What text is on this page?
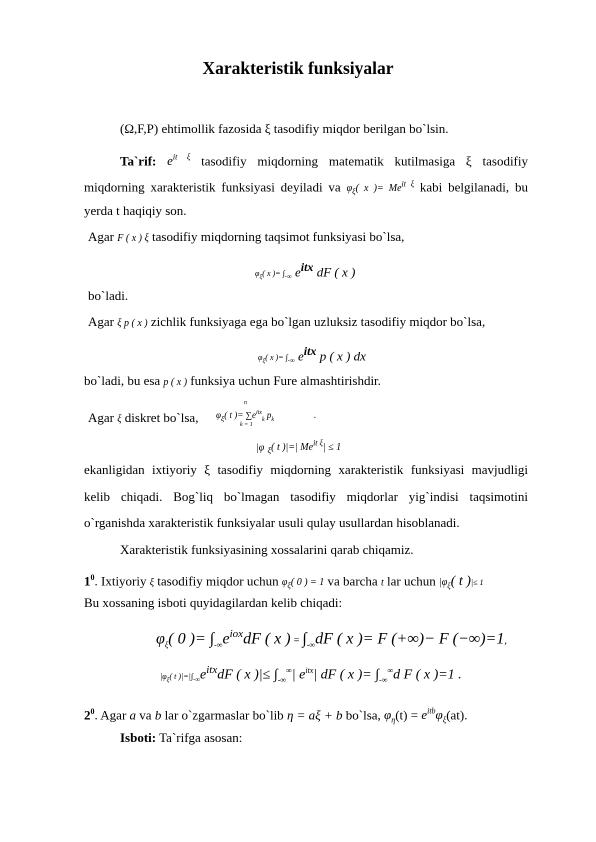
Xarakteristik funksiyalar
(Ω,F,P) ehtimollik fazosida ξ tasodifiy miqdor berilgan bo`lsin.
Ta`rif: $e^{it \xi}$ tasodifiy miqdorning matematik kutilmasiga ξ tasodifiy
miqdorning xarakteristik funksiyasi deyiladi va $\varphi_\xi$( x )= $Me^{it \xi}$ kabi belgilanadi, bu
yerda t haqiqiy son.
Agar F ( x ) ξ tasodifiy miqdorning taqsimot funksiyasi bo`lsa,
$\varphi_\xi$( x )= $\int_{-\infty}$ $e^{itx}$ dF ( x )
bo`ladi.
Agar ξ p ( x ) zichlik funksiyaga ega bo`lgan uzluksiz tasodifiy miqdor bo`lsa,
$\varphi_\xi$( x )= $\int_{-\infty}$ $e^{itx}$ p ( x ) dx
bo`ladi, bu esa p ( x ) funksiya uchun Fure almashtirishdir.
Agar ξ diskret bo`lsa,
n
$\varphi_\xi$( t )= $\sum e^{itx}_k$ $p_k$
k = 1
.
|φ $_\xi$( t )|=| $Me^{it \xi}| \le 1$
ekanligidan ixtiyoriy ξ tasodifiy miqdorning xarakteristik funksiyasi mavjudligi
kelib chiqadi. Bog`liq bo`lmagan tasodifiy miqdorlar yig`indisi taqsimotini
o`rganishda xarakteristik funksiyalar usuli qulay usullardan hisoblanadi.
Xarakteristik funksiyasining xossalarini qarab chiqamiz.
$1^0$. Ixtiyoriy ξ tasodifiy miqdor uchun $\varphi_\xi$( 0 ) = 1 va barcha t lar uchun $|\varphi_\xi$( t )|≤ 1
Bu xossaning isboti quyidagilardan kelib chiqadi:
$\varphi_\xi$( 0 )= $\int_{-\infty}e^{iox}dF$ ( x ) = $\int_{-\infty}dF$ ( x )= F (+∞)− F (−∞)=1,
$|\varphi_\xi$( t )$|=|\int_{-\infty}e^{itx}dF$ ( x )|≤ $\int_{-\infty}^\infty|$ $e^{itx}|$ dF ( x )= $\int_{-\infty}^\infty d$ F ( x )=1 .
$2^0$. Agar a va b lar o`zgarmaslar bo`lib η = aξ + b bo`lsa, $\varphi_\eta(t) = e^{itb}\varphi_\xi(at)$.
Isboti: Ta`rifga asosan:
